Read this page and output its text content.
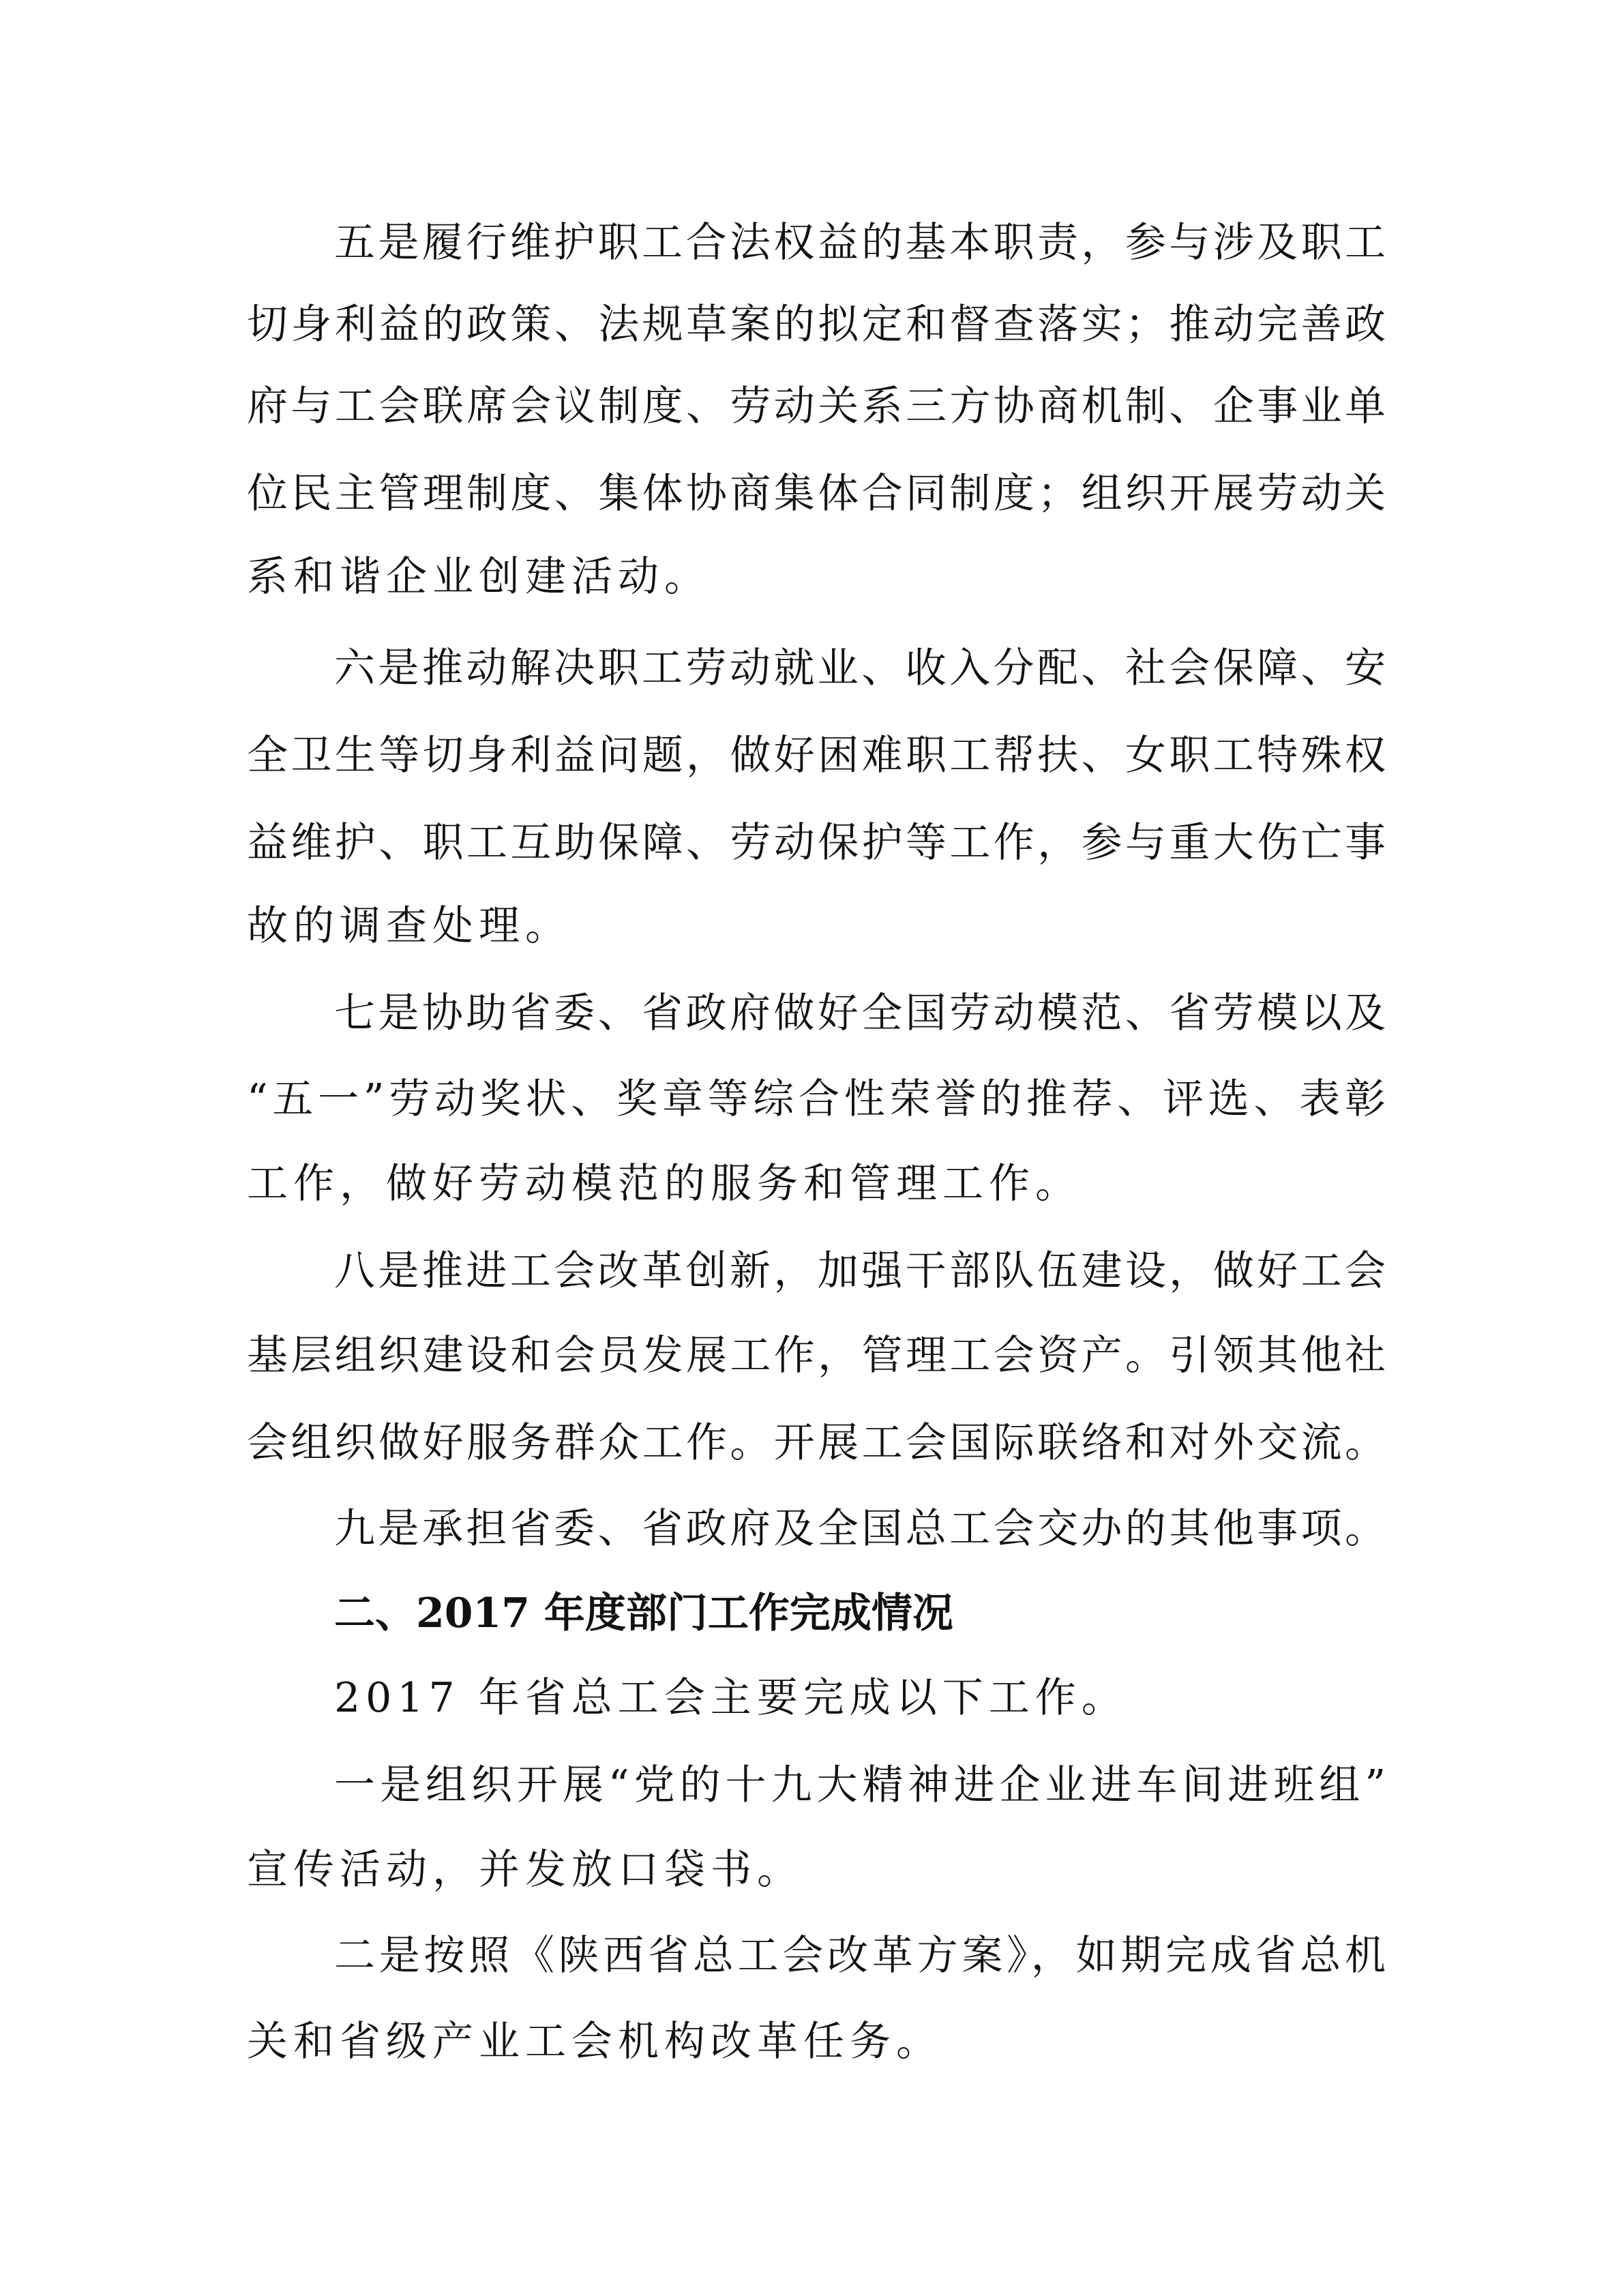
五是履行维护职工合法权益的基本职责，参与涉及职工
切身利益的政策、法规草案的拟定和督查落实；推动完善政
府与工会联席会议制度、劳动关系三方协商机制、企事业单
位民主管理制度、集体协商集体合同制度；组织开展劳动关
系和谐企业创建活动。
六是推动解决职工劳动就业、收入分配、社会保障、安
全卫生等切身利益问题，做好困难职工帮扶、女职工特殊权
益维护、职工互助保障、劳动保护等工作，参与重大伤亡事
故的调查处理。
七是协助省委、省政府做好全国劳动模范、省劳模以及
“五一”劳动奖状、奖章等综合性荣誉的推荐、评选、表彰
工作，做好劳动模范的服务和管理工作。
八是推进工会改革创新，加强干部队伍建设，做好工会
基层组织建设和会员发展工作，管理工会资产。引领其他社
会组织做好服务群众工作。开展工会国际联络和对外交流。
九是承担省委、省政府及全国总工会交办的其他事项。
二、2017 年度部门工作完成情况
2017 年省总工会主要完成以下工作。
一是组织开展“党的十九大精神进企业进车间进班组”
宣传活动，并发放口袋书。
二是按照《陕西省总工会改革方案》，如期完成省总机
关和省级产业工会机构改革任务。
